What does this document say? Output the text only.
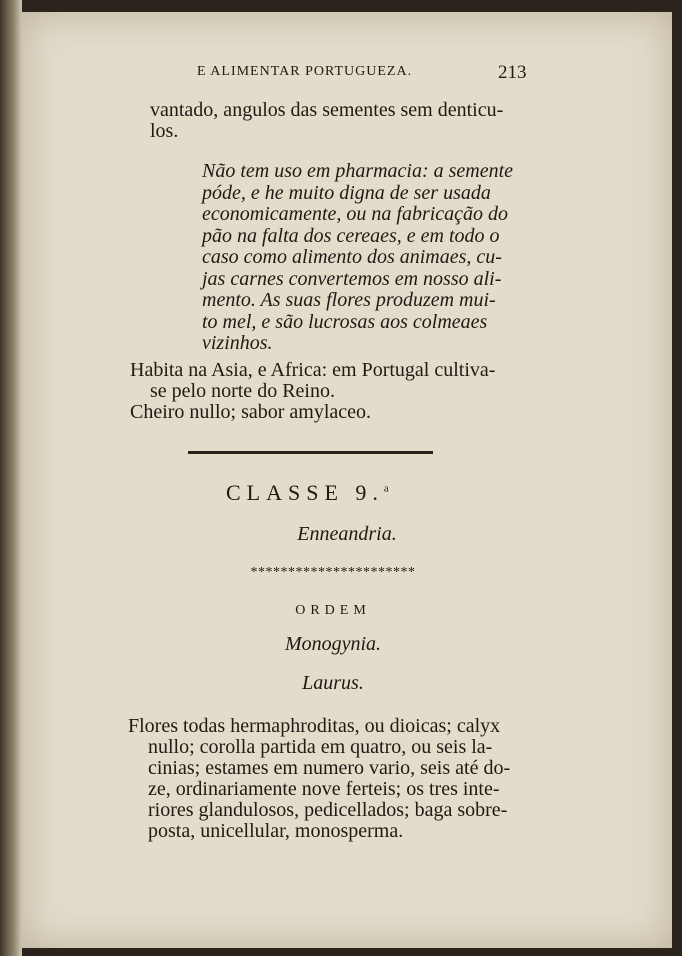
E ALIMENTAR PORTUGUEZA.	213
vantado, angulos das sementes sem denticu-
los.
Não tem uso em pharmacia: a semente
póde, e he muito digna de ser usada
economicamente, ou na fabricação do
pão na falta dos cereaes, e em todo o
caso como alimento dos animaes, cu-
jas carnes convertemos em nosso ali-
mento. As suas flores produzem mui-
to mel, e são lucrosas aos colmeaes
vizinhos.
Habita na Asia, e Africa: em Portugal cultiva-
se pelo norte do Reino.
Cheiro nullo; sabor amylaceo.
CLASSE 9.$^a$
Enneandria.
**********************
ORDEM
Monogynia.
Laurus.
Flores todas hermaphroditas, ou dioicas; calyx
nullo; corolla partida em quatro, ou seis la-
cinias; estames em numero vario, seis até do-
ze, ordinariamente nove ferteis; os tres inte-
riores glandulosos, pedicellados; baga sobre-
posta, unicellular, monosperma.
